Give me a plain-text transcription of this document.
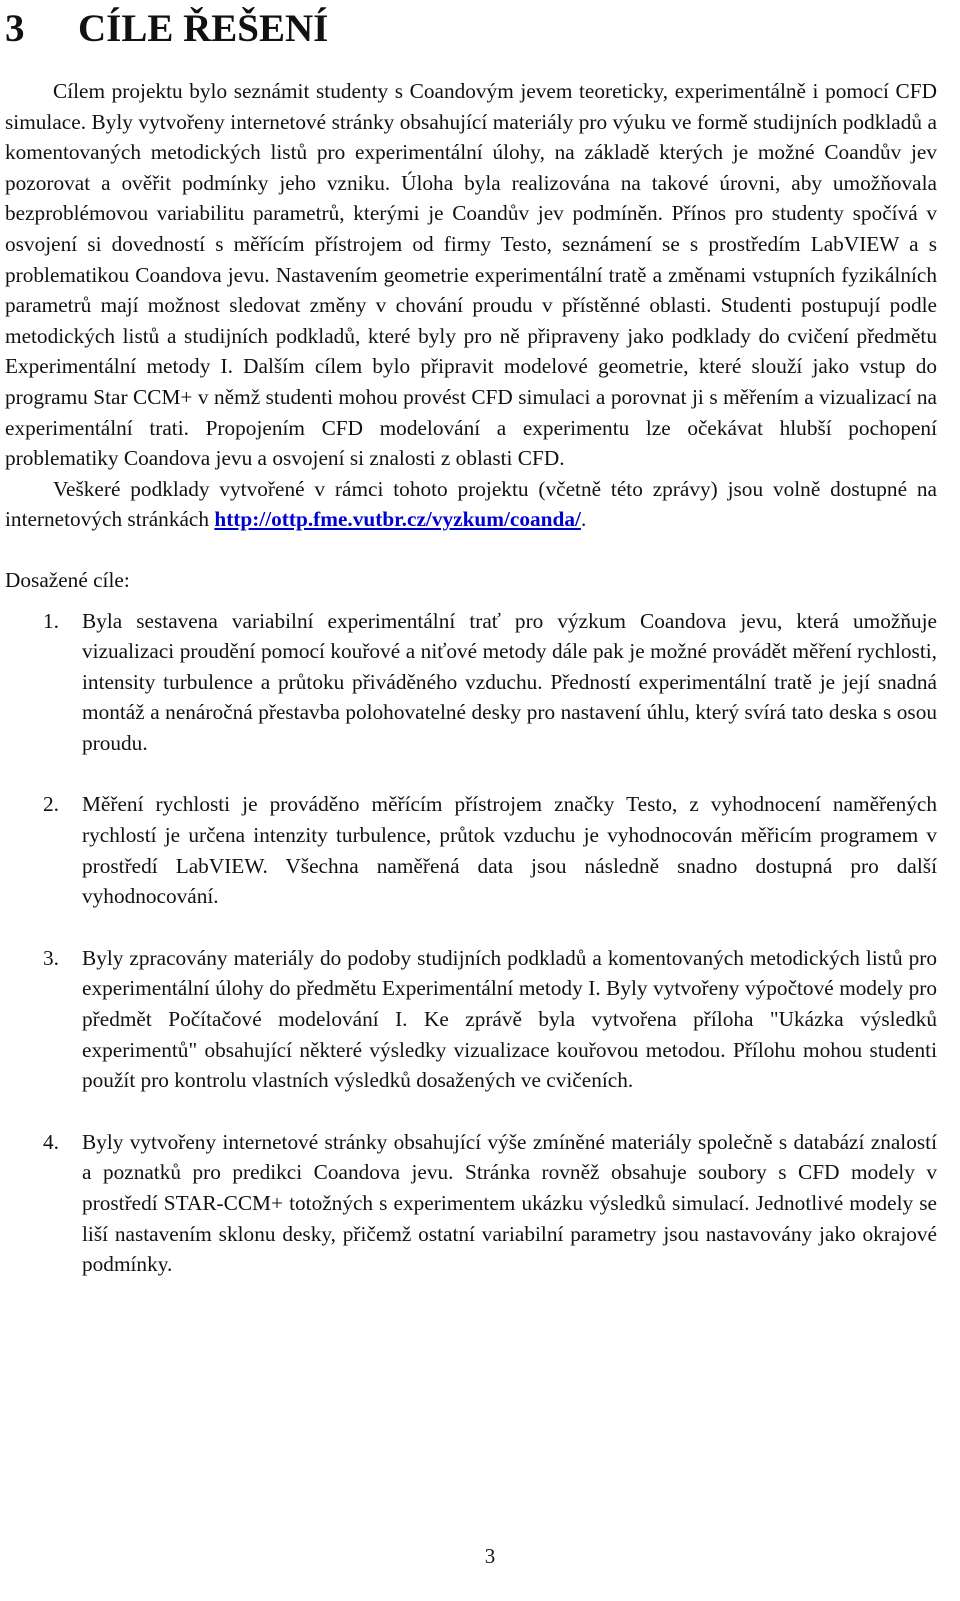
3 CÍLE ŘEŠENÍ

Cílem projektu bylo seznámit studenty s Coandovým jevem teoreticky, experimentálně i pomocí CFD simulace. Byly vytvořeny internetové stránky obsahující materiály pro výuku ve formě studijních podkladů a komentovaných metodických listů pro experimentální úlohy, na základě kterých je možné Coandův jev pozorovat a ověřit podmínky jeho vzniku. Úloha byla realizována na takové úrovni, aby umožňovala bezproblémovou variabilitu parametrů, kterými je Coandův jev podmíněn. Přínos pro studenty spočívá v osvojení si dovedností s měřícím přístrojem od firmy Testo, seznámení se s prostředím LabVIEW a s problematikou Coandova jevu. Nastavením geometrie experimentální tratě a změnami vstupních fyzikálních parametrů mají možnost sledovat změny v chování proudu v přístěnné oblasti. Studenti postupují podle metodických listů a studijních podkladů, které byly pro ně připraveny jako podklady do cvičení předmětu Experimentální metody I. Dalším cílem bylo připravit modelové geometrie, které slouží jako vstup do programu Star CCM+ v němž studenti mohou provést CFD simulaci a porovnat ji s měřením a vizualizací na experimentální trati. Propojením CFD modelování a experimentu lze očekávat hlubší pochopení problematiky Coandova jevu a osvojení si znalosti z oblasti CFD.

Veškeré podklady vytvořené v rámci tohoto projektu (včetně této zprávy) jsou volně dostupné na internetových stránkách http://ottp.fme.vutbr.cz/vyzkum/coanda/.

Dosažené cíle:

1. Byla sestavena variabilní experimentální trať pro výzkum Coandova jevu, která umožňuje vizualizaci proudění pomocí kouřové a niťové metody dále pak je možné provádět měření rychlosti, intensity turbulence a průtoku přiváděného vzduchu. Předností experimentální tratě je její snadná montáž a nenáročná přestavba polohovatelné desky pro nastavení úhlu, který svírá tato deska s osou proudu.
2. Měření rychlosti je prováděno měřícím přístrojem značky Testo, z vyhodnocení naměřených rychlostí je určena intenzity turbulence, průtok vzduchu je vyhodnocován měřicím programem v prostředí LabVIEW. Všechna naměřená data jsou následně snadno dostupná pro další vyhodnocování.
3. Byly zpracovány materiály do podoby studijních podkladů a komentovaných metodických listů pro experimentální úlohy do předmětu Experimentální metody I. Byly vytvořeny výpočtové modely pro předmět Počítačové modelování I. Ke zprávě byla vytvořena příloha "Ukázka výsledků experimentů" obsahující některé výsledky vizualizace kouřovou metodou. Přílohu mohou studenti použít pro kontrolu vlastních výsledků dosažených ve cvičeních.
4. Byly vytvořeny internetové stránky obsahující výše zmíněné materiály společně s databází znalostí a poznatků pro predikci Coandova jevu. Stránka rovněž obsahuje soubory s CFD modely v prostředí STAR-CCM+ totožných s experimentem ukázku výsledků simulací. Jednotlivé modely se liší nastavením sklonu desky, přičemž ostatní variabilní parametry jsou nastavovány jako okrajové podmínky.
3
